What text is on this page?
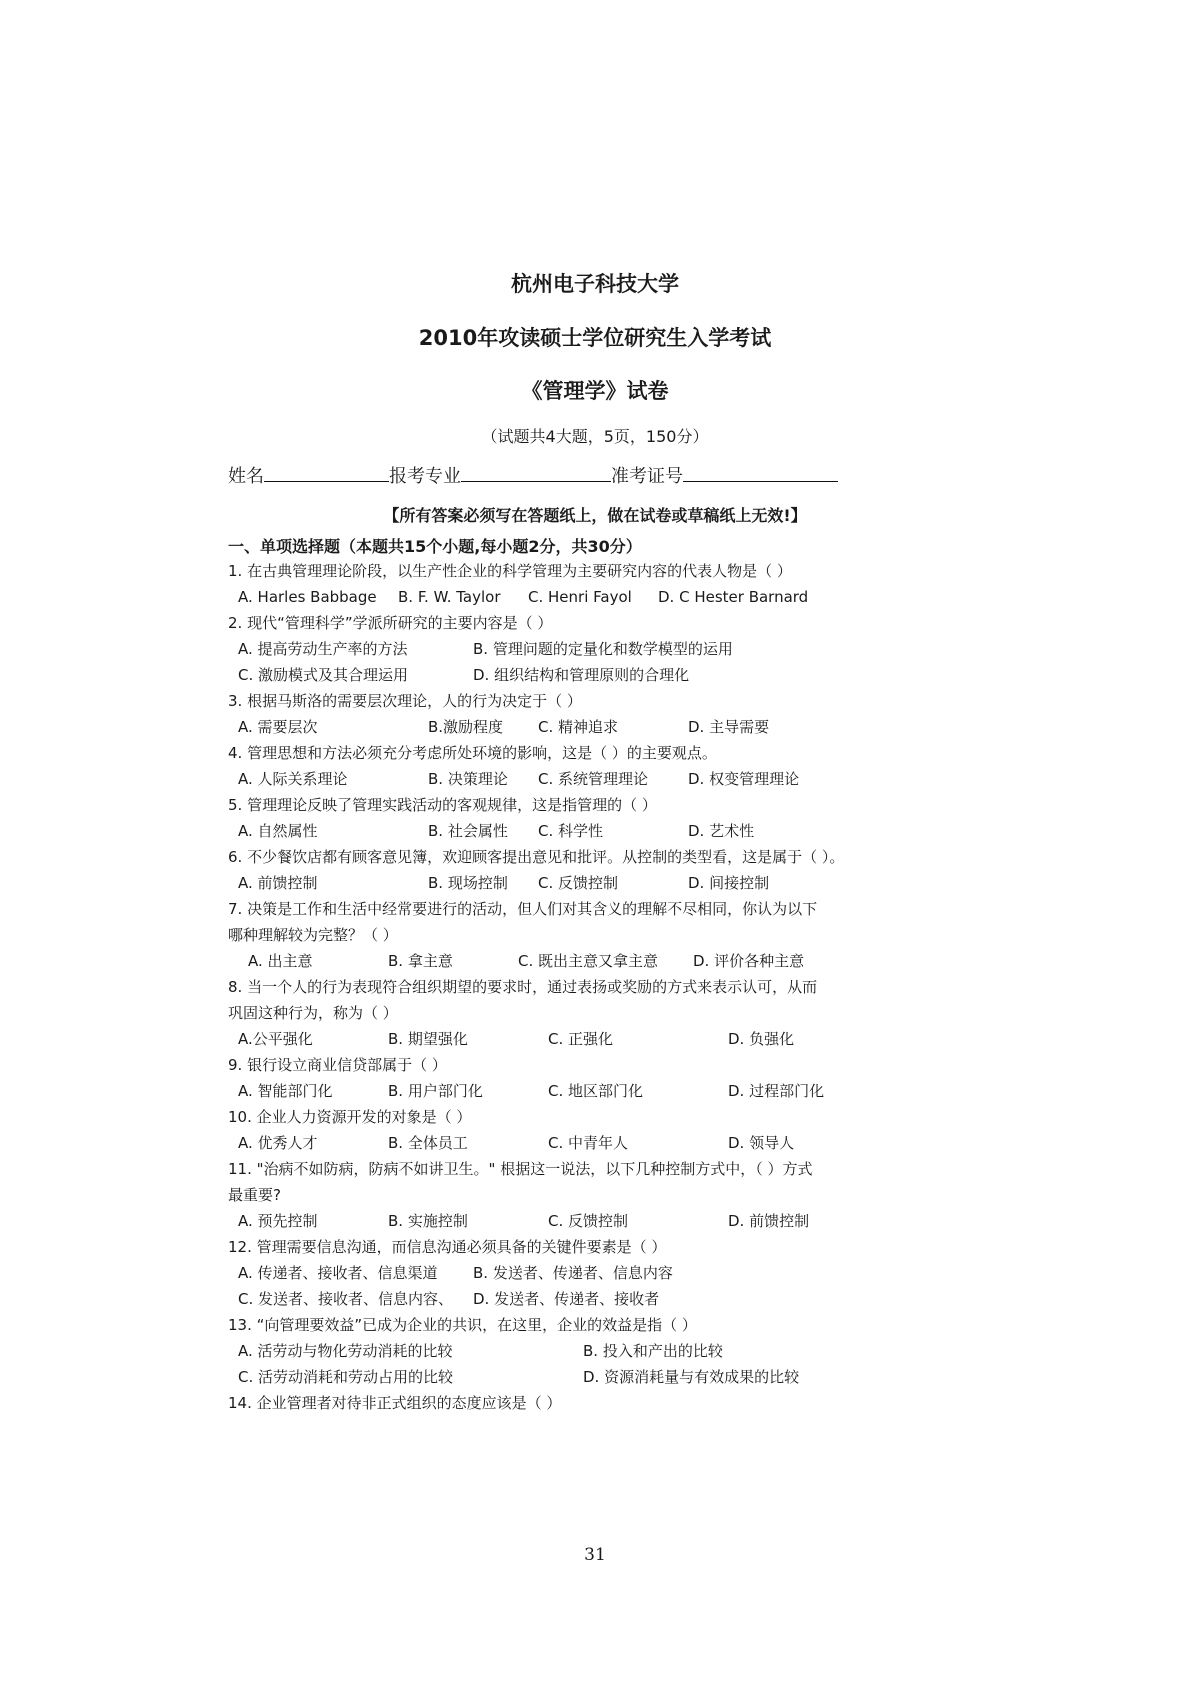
杭州电子科技大学
2010年攻读硕士学位研究生入学考试
《管理学》试卷
（试题共4大题，5页，150分）
姓名	报考专业	准考证号
【所有答案必须写在答题纸上，做在试卷或草稿纸上无效!】
一、单项选择题（本题共15个小题,每小题2分，共30分）
1. 在古典管理理论阶段，以生产性企业的科学管理为主要研究内容的代表人物是（ ）
A. Harles Babbage B. F. W. Taylor C. Henri Fayol D. C Hester Barnard
2. 现代“管理科学”学派所研究的主要内容是（ ）
A. 提高劳动生产率的方法	B. 管理问题的定量化和数学模型的运用
C. 激励模式及其合理运用	D. 组织结构和管理原则的合理化
3. 根据马斯洛的需要层次理论，人的行为决定于（ ）
A. 需要层次	B.激励程度 C. 精神追求	D. 主导需要
4. 管理思想和方法必须充分考虑所处环境的影响，这是（ ）的主要观点。
A. 人际关系理论	B. 决策理论 C. 系统管理理论	D. 权变管理理论
5. 管理理论反映了管理实践活动的客观规律，这是指管理的（ ）
A. 自然属性	B. 社会属性 C. 科学性	D. 艺术性
6. 不少餐饮店都有顾客意见簿，欢迎顾客提出意见和批评。从控制的类型看，这是属于（ ）。
A. 前馈控制	B. 现场控制 C. 反馈控制	D. 间接控制
7. 决策是工作和生活中经常要进行的活动，但人们对其含义的理解不尽相同，你认为以下
哪种理解较为完整？（ ）
A. 出主意	B. 拿主意	C. 既出主意又拿主意 D. 评价各种主意
8. 当一个人的行为表现符合组织期望的要求时，通过表扬或奖励的方式来表示认可，从而
巩固这种行为，称为（ ）
A.公平强化	B. 期望强化	C. 正强化	D. 负强化
9. 银行设立商业信贷部属于（ ）
A. 智能部门化	B. 用户部门化	C. 地区部门化	D. 过程部门化
10. 企业人力资源开发的对象是（ ）
A. 优秀人才	B. 全体员工	C. 中青年人	D. 领导人
11. "治病不如防病，防病不如讲卫生。" 根据这一说法，以下几种控制方式中，（ ）方式
最重要?
A. 预先控制	B. 实施控制	C. 反馈控制	D. 前馈控制
12. 管理需要信息沟通，而信息沟通必须具备的关键件要素是（ ）
A. 传递者、接收者、信息渠道 B. 发送者、传递者、信息内容
C. 发送者、接收者、信息内容、 D. 发送者、传递者、接收者
13. “向管理要效益”已成为企业的共识，在这里，企业的效益是指（ ）
A. 活劳动与物化劳动消耗的比较	B. 投入和产出的比较
C. 活劳动消耗和劳动占用的比较	D. 资源消耗量与有效成果的比较
14. 企业管理者对待非正式组织的态度应该是（ ）
31
